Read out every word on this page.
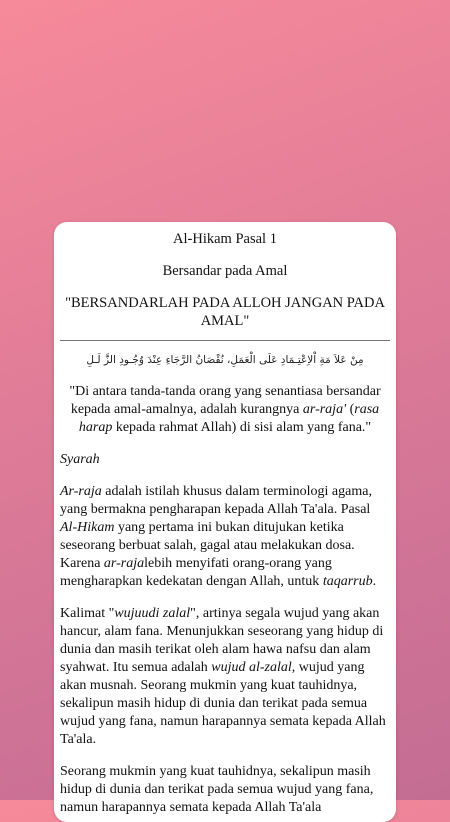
Al-Hikam Pasal 1

Bersandar pada Amal

"BERSANDARLAH PADA ALLOH JANGAN PADA AMAL"

مِنْ عَلاَ مَةِ اْلاِعْتِـمَادِ عَلَى الْعَمَلِ، نُقْصَانُ الرَّجَاءِ عِنْدَ وُجُـودِ الزَّ لَـلِ

"Di antara tanda-tanda orang yang senantiasa bersandar kepada amal-amalnya, adalah kurangnya ar-raja' (rasa harap kepada rahmat Allah) di sisi alam yang fana."

Syarah

Ar-raja adalah istilah khusus dalam terminologi agama, yang bermakna pengharapan kepada Allah Ta'ala. Pasal Al-Hikam yang pertama ini bukan ditujukan ketika seseorang berbuat salah, gagal atau melakukan dosa. Karena ar-rajalebih menyifati orang-orang yang mengharapkan kedekatan dengan Allah, untuk taqarrub.

Kalimat "wujuudi zalal", artinya segala wujud yang akan hancur, alam fana. Menunjukkan seseorang yang hidup di dunia dan masih terikat oleh alam hawa nafsu dan alam syahwat. Itu semua adalah wujud al-zalal, wujud yang akan musnah. Seorang mukmin yang kuat tauhidnya, sekalipun masih hidup di dunia dan terikat pada semua wujud yang fana, namun harapannya semata kepada Allah Ta'ala.

Seorang mukmin yang kuat tauhidnya, sekalipun masih hidup di dunia dan terikat pada semua wujud yang fana, namun harapannya semata kepada Allah Ta'ala
